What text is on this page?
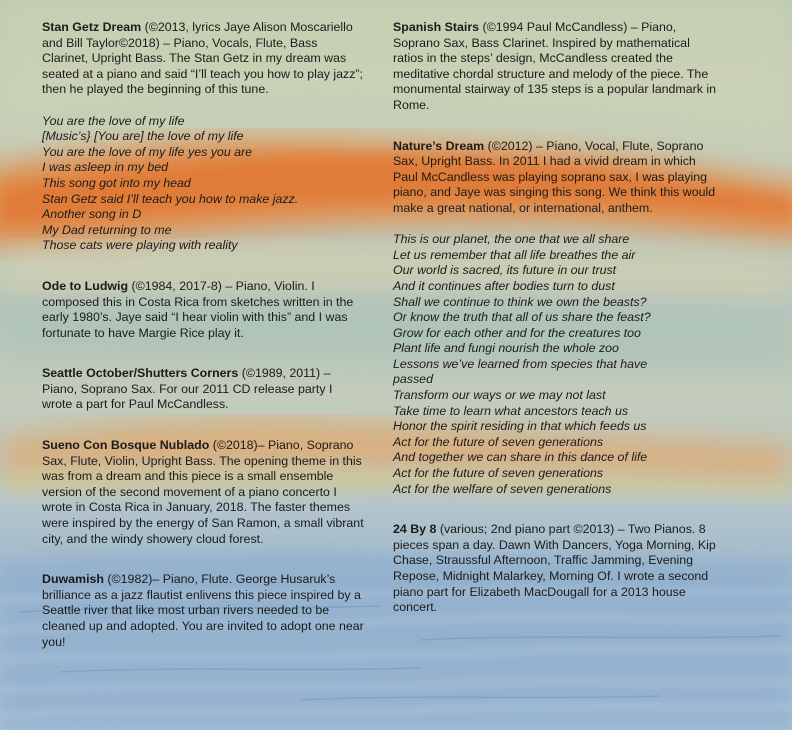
Stan Getz Dream (©2013, lyrics Jaye Alison Moscariello and Bill Taylor©2018) – Piano, Vocals, Flute, Bass Clarinet, Upright Bass. The Stan Getz in my dream was seated at a piano and said “I’ll teach you how to play jazz”; then he played the beginning of this tune.

You are the love of my life
[Music’s} [You are] the love of my life
You are the love of my life yes you are
I was asleep in my bed
This song got into my head
Stan Getz said I’ll teach you how to make jazz.
Another song in D
My Dad returning to me
Those cats were playing with reality

Ode to Ludwig (©1984, 2017-8) – Piano, Violin. I composed this in Costa Rica from sketches written in the early 1980’s. Jaye said “I hear violin with this” and I was fortunate to have Margie Rice play it.

Seattle October/Shutters Corners (©1989, 2011) – Piano, Soprano Sax. For our 2011 CD release party I wrote a part for Paul McCandless.

Sueno Con Bosque Nublado (©2018)– Piano, Soprano Sax, Flute, Violin, Upright Bass. The opening theme in this was from a dream and this piece is a small ensemble version of the second movement of a piano concerto I wrote in Costa Rica in January, 2018. The faster themes were inspired by the energy of San Ramon, a small vibrant city, and the windy showery cloud forest.

Duwamish (©1982)– Piano, Flute. George Husaruk’s brilliance as a jazz flautist enlivens this piece inspired by a Seattle river that like most urban rivers needed to be cleaned up and adopted. You are invited to adopt one near you!

Spanish Stairs (©1994 Paul McCandless) – Piano, Soprano Sax, Bass Clarinet. Inspired by mathematical ratios in the steps’ design, McCandless created the meditative chordal structure and melody of the piece. The monumental stairway of 135 steps is a popular landmark in Rome.

Nature’s Dream (©2012) – Piano, Vocal, Flute, Soprano Sax, Upright Bass. In 2011 I had a vivid dream in which Paul McCandless was playing soprano sax, I was playing piano, and Jaye was singing this song. We think this would make a great national, or international, anthem.

This is our planet, the one that we all share
Let us remember that all life breathes the air
Our world is sacred, its future in our trust
And it continues after bodies turn to dust
Shall we continue to think we own the beasts?
Or know the truth that all of us share the feast?
Grow for each other and for the creatures too
Plant life and fungi nourish the whole zoo
Lessons we’ve learned from species that have
passed
Transform our ways or we may not last
Take time to learn what ancestors teach us
Honor the spirit residing in that which feeds us
Act for the future of seven generations
And together we can share in this dance of life
Act for the future of seven generations
Act for the welfare of seven generations

24 By 8 (various; 2nd piano part ©2013) – Two Pianos. 8 pieces span a day. Dawn With Dancers, Yoga Morning, Kip Chase, Straussful Afternoon, Traffic Jamming, Evening Repose, Midnight Malarkey, Morning Of. I wrote a second piano part for Elizabeth MacDougall for a 2013 house concert.
